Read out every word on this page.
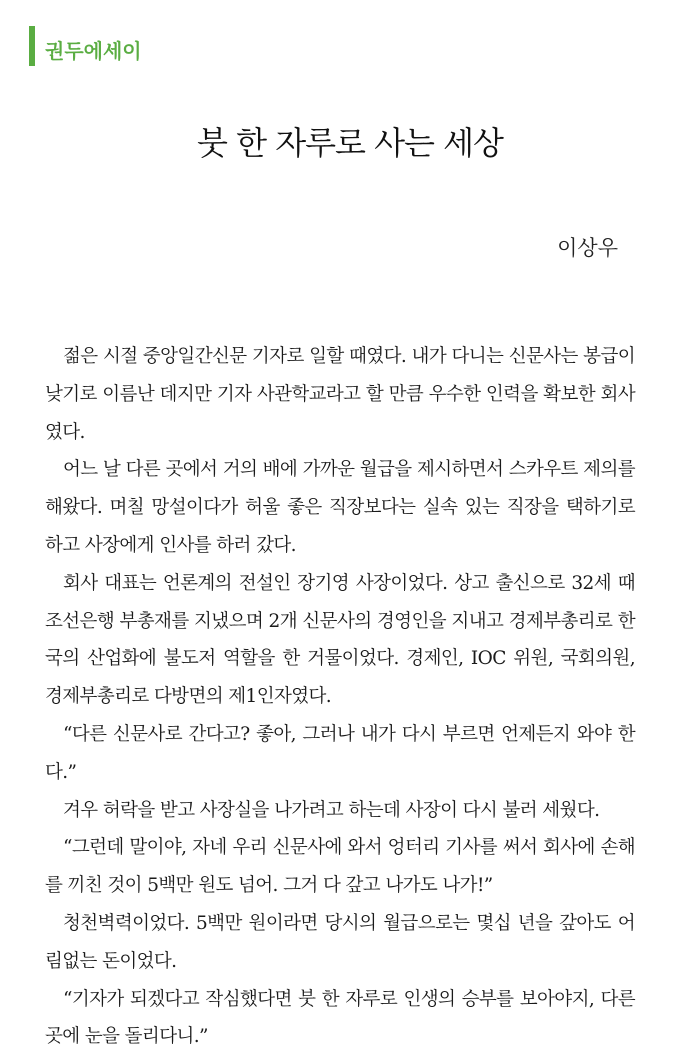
권두에세이
붓 한 자루로 사는 세상
이상우

젊은 시절 중앙일간신문 기자로 일할 때였다. 내가 다니는 신문사는 봉급이 낮기로 이름난 데지만 기자 사관학교라고 할 만큼 우수한 인력을 확보한 회사였다.

어느 날 다른 곳에서 거의 배에 가까운 월급을 제시하면서 스카우트 제의를 해왔다. 며칠 망설이다가 허울 좋은 직장보다는 실속 있는 직장을 택하기로 하고 사장에게 인사를 하러 갔다.

회사 대표는 언론계의 전설인 장기영 사장이었다. 상고 출신으로 32세 때 조선은행 부총재를 지냈으며 2개 신문사의 경영인을 지내고 경제부총리로 한국의 산업화에 불도저 역할을 한 거물이었다. 경제인, IOC 위원, 국회의원, 경제부총리로 다방면의 제1인자였다.

“다른 신문사로 간다고? 좋아, 그러나 내가 다시 부르면 언제든지 와야 한다.”

겨우 허락을 받고 사장실을 나가려고 하는데 사장이 다시 불러 세웠다.

“그런데 말이야, 자네 우리 신문사에 와서 엉터리 기사를 써서 회사에 손해를 끼친 것이 5백만 원도 넘어. 그거 다 갚고 나가도 나가!”

청천벽력이었다. 5백만 원이라면 당시의 월급으로는 몇십 년을 갚아도 어림없는 돈이었다.

“기자가 되겠다고 작심했다면 붓 한 자루로 인생의 승부를 보아야지, 다른 곳에 눈을 돌리다니.”
